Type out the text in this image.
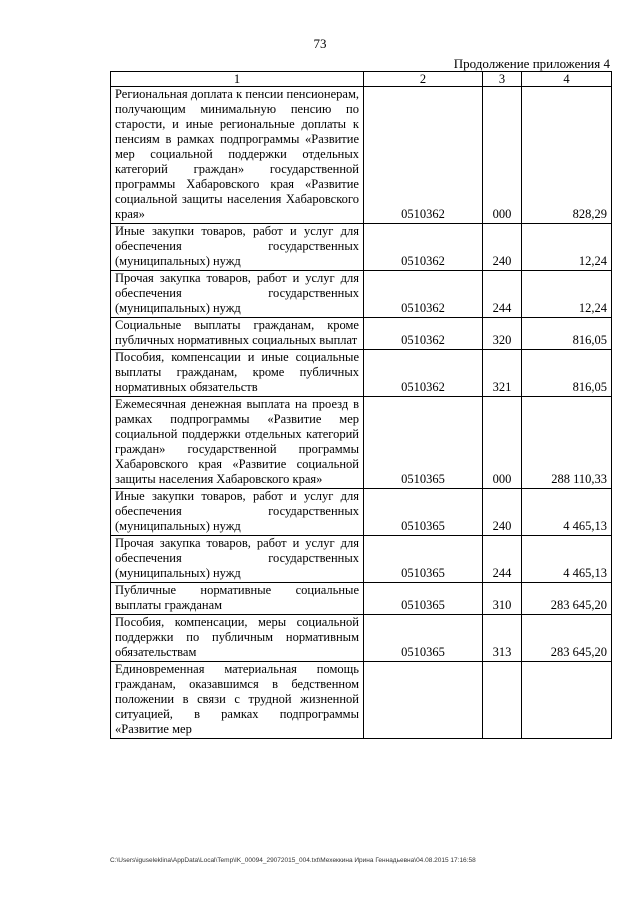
73
Продолжение приложения 4
1	2	3	4
Региональная доплата к пенсии пенсионерам, получающим минимальную пенсию по старости, и иные региональные доплаты к пенсиям в рамках подпрограммы «Развитие мер социальной поддержки отдельных категорий граждан» государственной программы Хабаровского края «Развитие социальной защиты населения Хабаровского края»	0510362	000	828,29
Иные закупки товаров, работ и услуг для обеспечения государственных (муниципальных) нужд	0510362	240	12,24
Прочая закупка товаров, работ и услуг для обеспечения государственных (муниципальных) нужд	0510362	244	12,24
Социальные выплаты гражданам, кроме публичных нормативных социальных выплат	0510362	320	816,05
Пособия, компенсации и иные социальные выплаты гражданам, кроме публичных нормативных обязательств	0510362	321	816,05
Ежемесячная денежная выплата на проезд в рамках подпрограммы «Развитие мер социальной поддержки отдельных категорий граждан» государственной программы Хабаровского края «Развитие социальной защиты населения Хабаровского края»	0510365	000	288 110,33
Иные закупки товаров, работ и услуг для обеспечения государственных (муниципальных) нужд	0510365	240	4 465,13
Прочая закупка товаров, работ и услуг для обеспечения государственных (муниципальных) нужд	0510365	244	4 465,13
Публичные нормативные социальные выплаты гражданам	0510365	310	283 645,20
Пособия, компенсации, меры социальной поддержки по публичным нормативным обязательствам	0510365	313	283 645,20
Единовременная материальная помощь гражданам, оказавшимся в бедственном положении в связи с трудной жизненной ситуацией, в рамках подпрограммы «Развитие мер			
C:\Users\iguseleklina\AppData\Local\Temp\IK_00094_29072015_004.txt\Мехеккина Ирина Геннадьевна\04.08.2015 17:16:58
